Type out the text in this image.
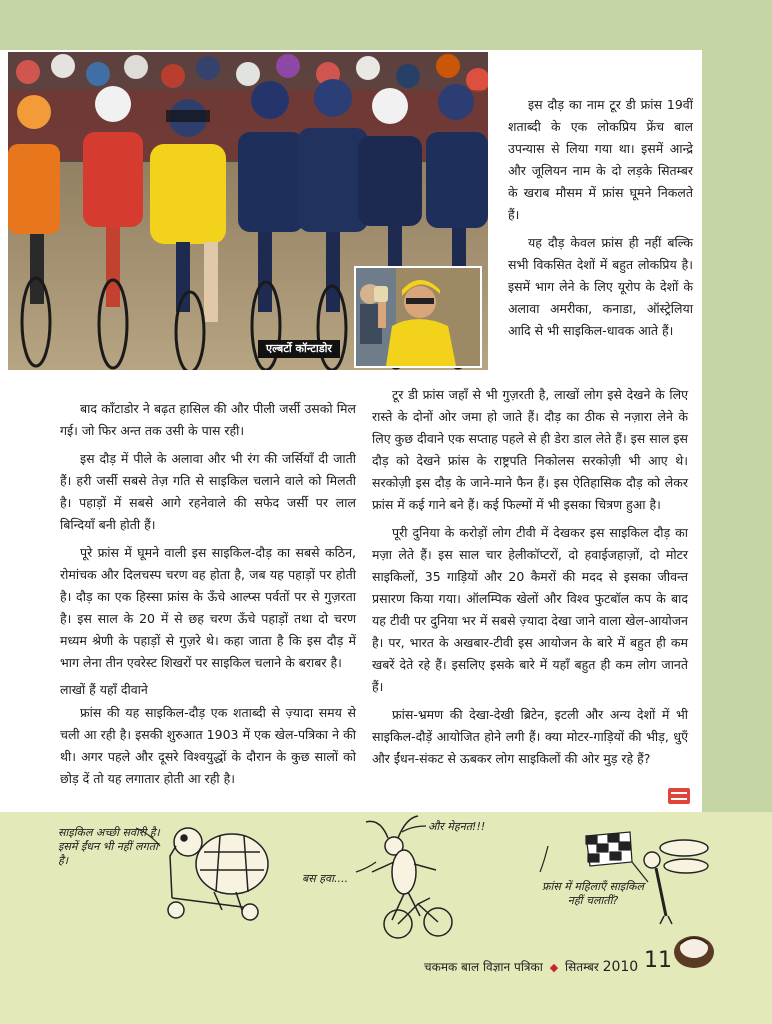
एल्बर्टो कॉन्टाडोर

इस दौड़ का नाम टूर डी फ्रांस 19वीं शताब्दी के एक लोकप्रिय फ्रेंच बाल उपन्यास से लिया गया था। इसमें आन्द्रे और जूलियन नाम के दो लड़के सितम्बर के खराब मौसम में फ्रांस घूमने निकलते हैं।

यह दौड़ केवल फ्रांस ही नहीं बल्कि सभी विकसित देशों में बहुत लोकप्रिय है। इसमें भाग लेने के लिए यूरोप के देशों के अलावा अमरीका, कनाडा, ऑस्ट्रेलिया आदि से भी साइकिल-धावक आते हैं।

बाद कॉंटाडोर ने बढ़त हासिल की और पीली जर्सी उसको मिल गई। जो फिर अन्त तक उसी के पास रही।

इस दौड़ में पीले के अलावा और भी रंग की जर्सियाँ दी जाती हैं। हरी जर्सी सबसे तेज़ गति से साइकिल चलाने वाले को मिलती है। पहाड़ों में सबसे आगे रहनेवाले की सफेद जर्सी पर लाल बिन्दियाँ बनी होती हैं।

पूरे फ्रांस में घूमने वाली इस साइकिल-दौड़ का सबसे कठिन, रोमांचक और दिलचस्प चरण वह होता है, जब यह पहाड़ों पर होती है। दौड़ का एक हिस्सा फ्रांस के ऊँचे आल्प्स पर्वतों पर से गुज़रता है। इस साल के 20 में से छह चरण ऊँचे पहाड़ों तथा दो चरण मध्यम श्रेणी के पहाड़ों से गुज़रे थे। कहा जाता है कि इस दौड़ में भाग लेना तीन एवरेस्ट शिखरों पर साइकिल चलाने के बराबर है।

लाखों हैं यहाँ दीवाने

फ्रांस की यह साइकिल-दौड़ एक शताब्दी से ज़्यादा समय से चली आ रही है। इसकी शुरुआत 1903 में एक खेल-पत्रिका ने की थी। अगर पहले और दूसरे विश्वयुद्धों के दौरान के कुछ सालों को छोड़ दें तो यह लगातार होती आ रही है।

टूर डी फ्रांस जहाँ से भी गुज़रती है, लाखों लोग इसे देखने के लिए रास्ते के दोनों ओर जमा हो जाते हैं। दौड़ का ठीक से नज़ारा लेने के लिए कुछ दीवाने एक सप्ताह पहले से ही डेरा डाल लेते हैं। इस साल इस दौड़ को देखने फ्रांस के राष्ट्रपति निकोलस सरकोज़ी भी आए थे। सरकोज़ी इस दौड़ के जाने-माने फैन हैं। इस ऐतिहासिक दौड़ को लेकर फ्रांस में कई गाने बने हैं। कई फिल्मों में भी इसका चित्रण हुआ है।

पूरी दुनिया के करोड़ों लोग टीवी में देखकर इस साइकिल दौड़ का मज़ा लेते हैं। इस साल चार हेलीकॉप्टरों, दो हवाईजहाज़ों, दो मोटर साइकिलों, 35 गाड़ियों और 20 कैमरों की मदद से इसका जीवन्त प्रसारण किया गया। ऑलम्पिक खेलों और विश्व फुटबॉल कप के बाद यह टीवी पर दुनिया भर में सबसे ज़्यादा देखा जाने वाला खेल-आयोजन है। पर, भारत के अखबार-टीवी इस आयोजन के बारे में बहुत ही कम खबरें देते रहे हैं। इसलिए इसके बारे में यहाँ बहुत ही कम लोग जानते हैं।

फ्रांस-भ्रमण की देखा-देखी ब्रिटेन, इटली और अन्य देशों में भी साइकिल-दौड़ें आयोजित होने लगी हैं। क्या मोटर-गाड़ियों की भीड़, धुएँ और ईंधन-संकट से ऊबकर लोग साइकिलों की ओर मुड़ रहे हैं?

साइकिल अच्छी सवारी है। इसमें ईंधन भी नहीं लगता है।
बस हवा....
और मेहनत!!!
फ्रांस में महिलाएँ साइकिल नहीं चलातीं?
चकमक बाल विज्ञान पत्रिका ◆ सितम्बर 2010 11
